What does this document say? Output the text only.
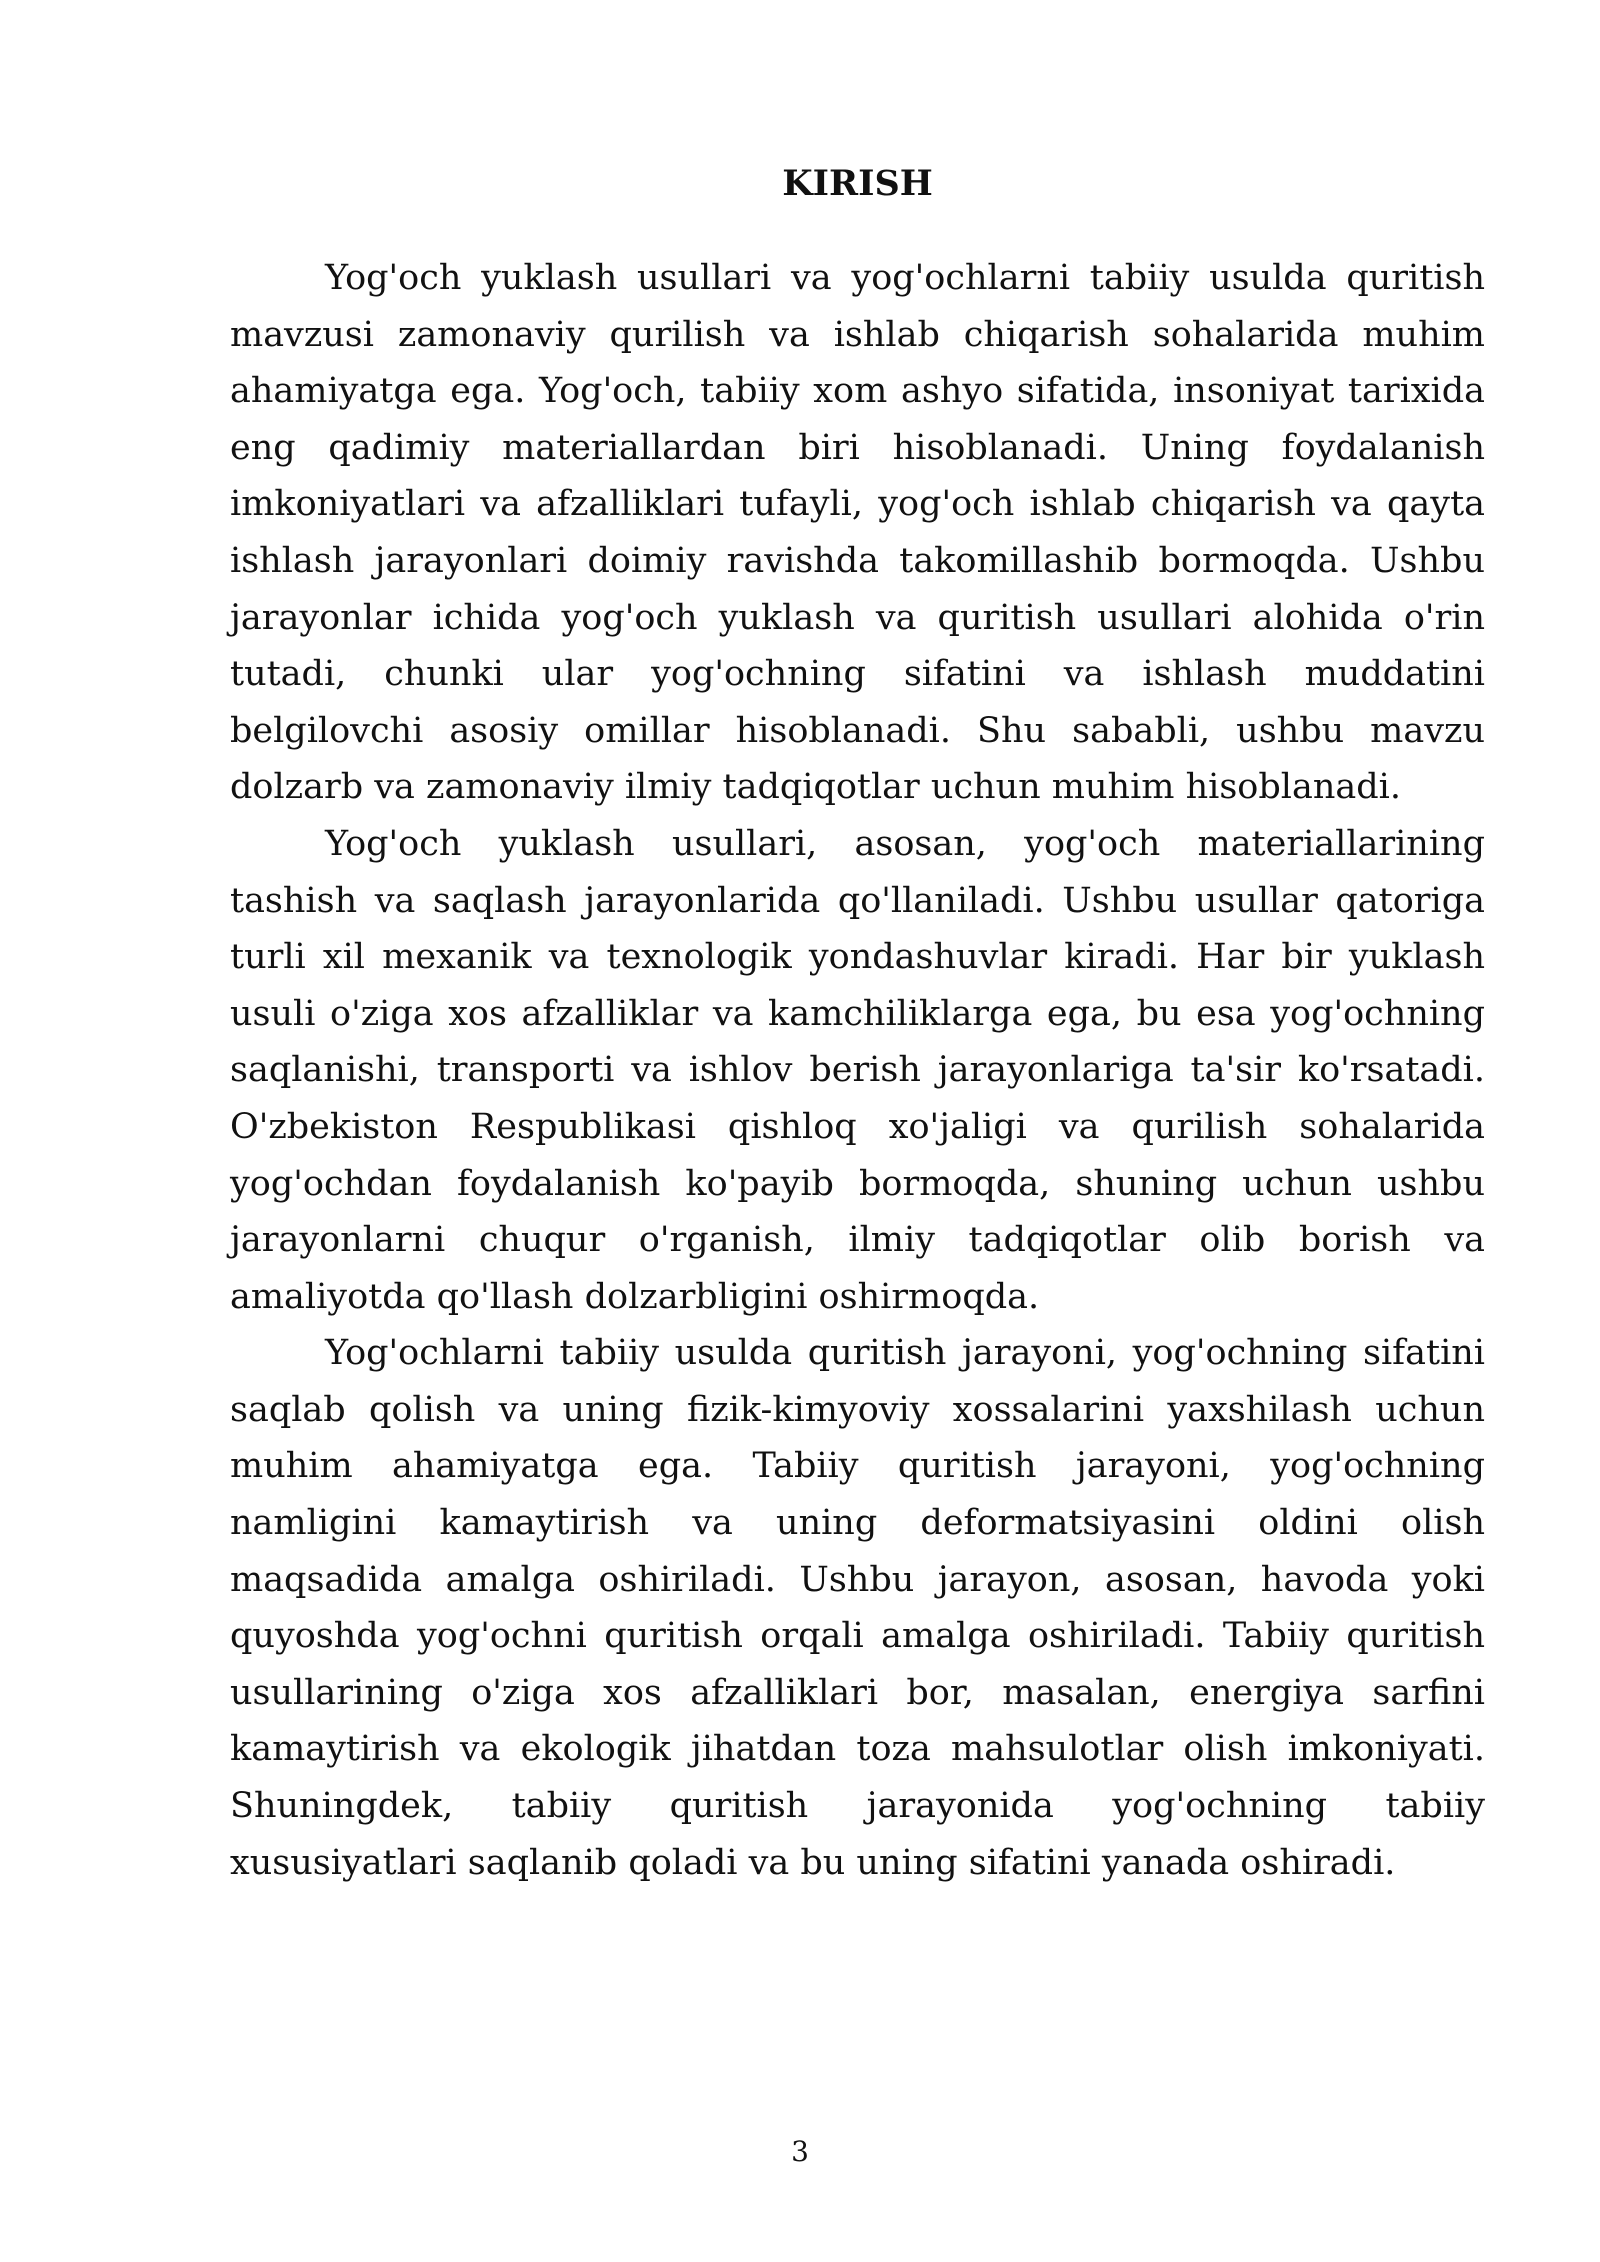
KIRISH

Yog'och yuklash usullari va yog'ochlarni tabiiy usulda quritish mavzusi zamonaviy qurilish va ishlab chiqarish sohalarida muhim ahamiyatga ega. Yog'och, tabiiy xom ashyo sifatida, insoniyat tarixida eng qadimiy materiallardan biri hisoblanadi. Uning foydalanish imkoniyatlari va afzalliklari tufayli, yog'och ishlab chiqarish va qayta ishlash jarayonlari doimiy ravishda takomillashib bormoqda. Ushbu jarayonlar ichida yog'och yuklash va quritish usullari alohida o'rin tutadi, chunki ular yog'ochning sifatini va ishlash muddatini belgilovchi asosiy omillar hisoblanadi. Shu sababli, ushbu mavzu dolzarb va zamonaviy ilmiy tadqiqotlar uchun muhim hisoblanadi.

Yog'och yuklash usullari, asosan, yog'och materiallarining tashish va saqlash jarayonlarida qo'llaniladi. Ushbu usullar qatoriga turli xil mexanik va texnologik yondashuvlar kiradi. Har bir yuklash usuli o'ziga xos afzalliklar va kamchiliklarga ega, bu esa yog'ochning saqlanishi, transporti va ishlov berish jarayonlariga ta'sir ko'rsatadi. O'zbekiston Respublikasi qishloq xo'jaligi va qurilish sohalarida yog'ochdan foydalanish ko'payib bormoqda, shuning uchun ushbu jarayonlarni chuqur o'rganish, ilmiy tadqiqotlar olib borish va amaliyotda qo'llash dolzarbligini oshirmoqda.

Yog'ochlarni tabiiy usulda quritish jarayoni, yog'ochning sifatini saqlab qolish va uning fizik-kimyoviy xossalarini yaxshilash uchun muhim ahamiyatga ega. Tabiiy quritish jarayoni, yog'ochning namligini kamaytirish va uning deformatsiyasini oldini olish maqsadida amalga oshiriladi. Ushbu jarayon, asosan, havoda yoki quyoshda yog'ochni quritish orqali amalga oshiriladi. Tabiiy quritish usullarining o'ziga xos afzalliklari bor, masalan, energiya sarfini kamaytirish va ekologik jihatdan toza mahsulotlar olish imkoniyati. Shuningdek, tabiiy quritish jarayonida yog'ochning tabiiy xususiyatlari saqlanib qoladi va bu uning sifatini yanada oshiradi.

3
